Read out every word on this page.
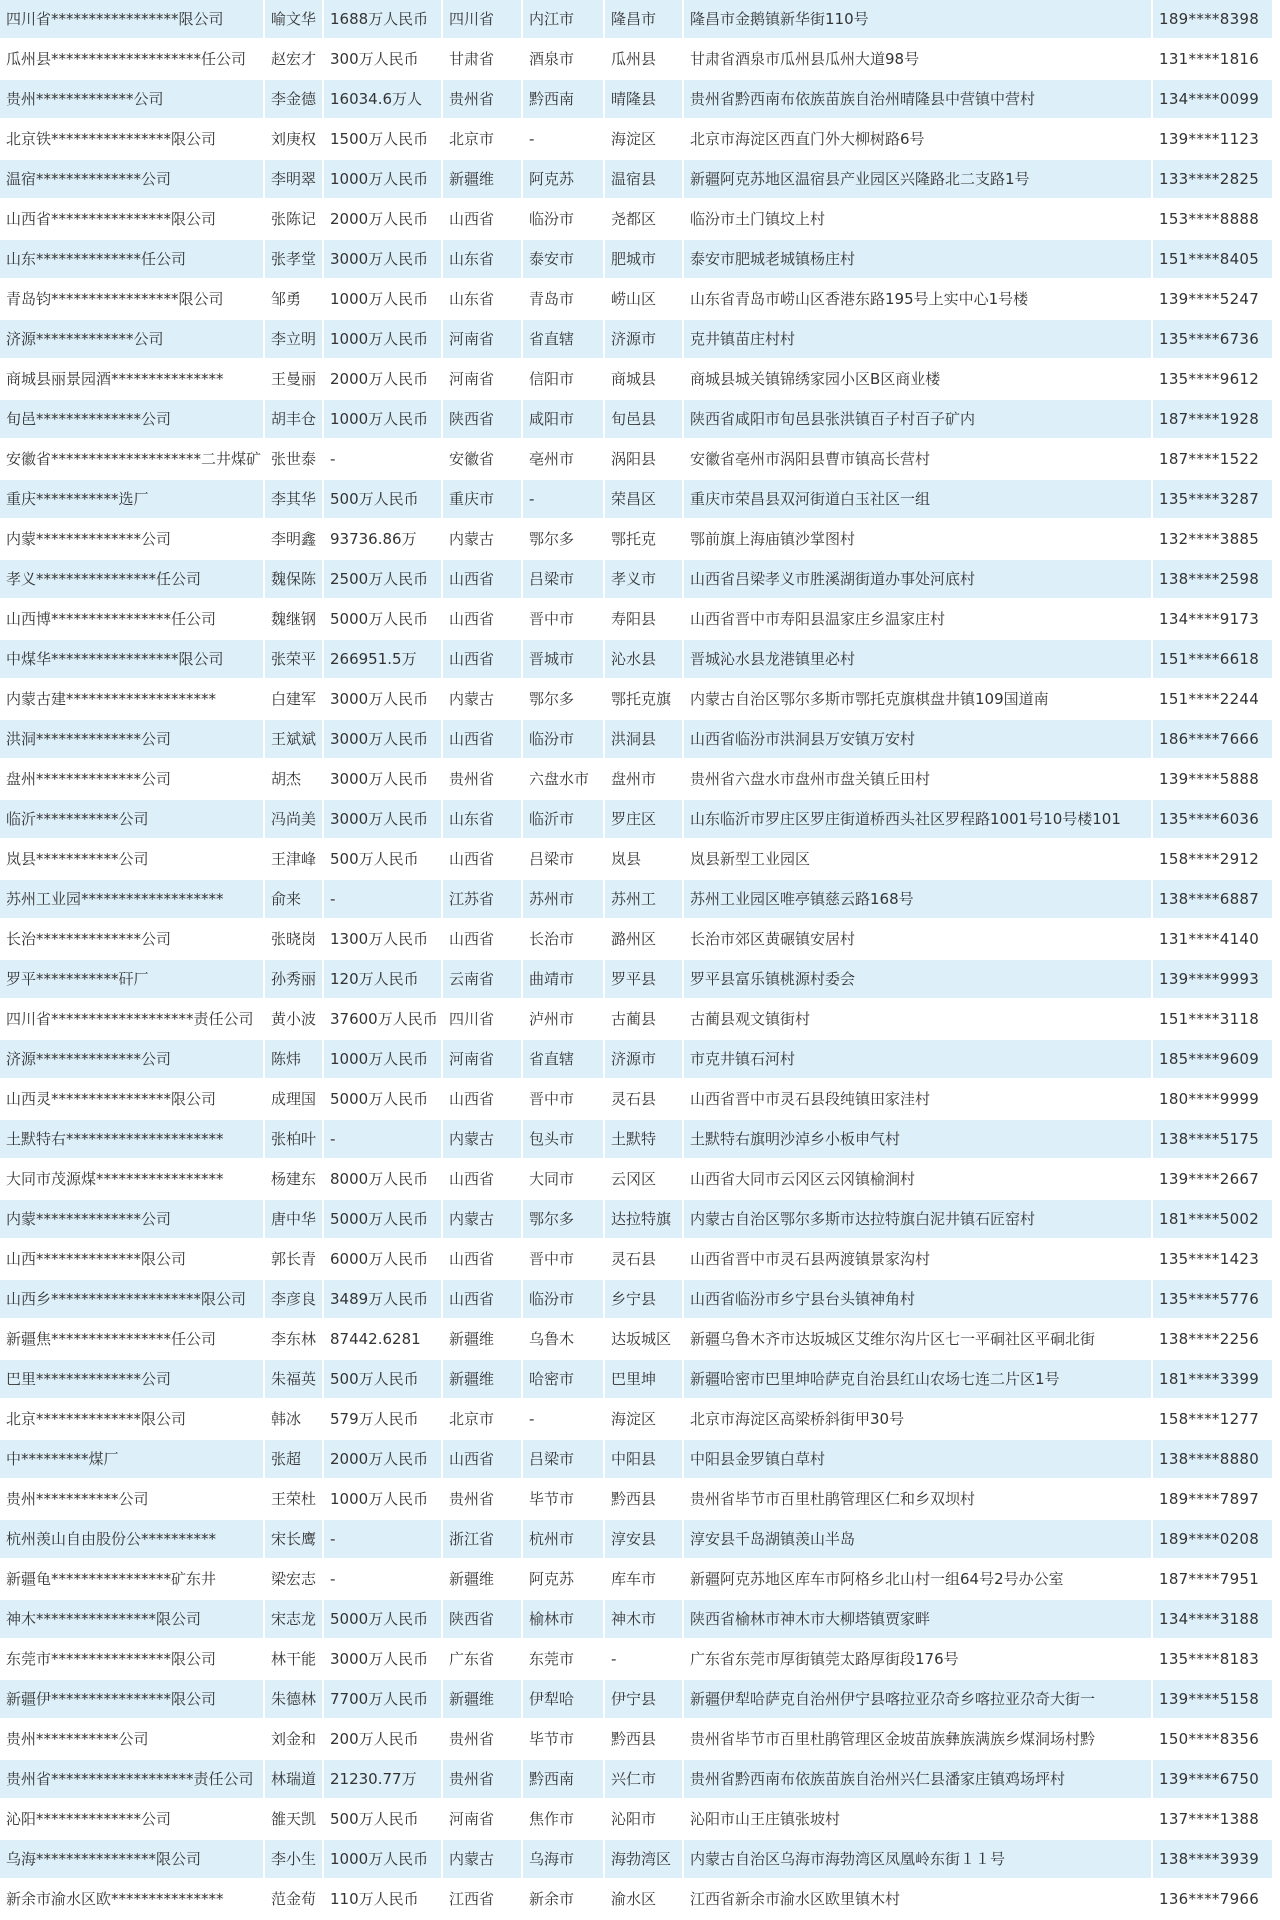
四川省*****************限公司	喻文华	1688万人民币	四川省	内江市	隆昌市	隆昌市金鹅镇新华街110号	189****8398
瓜州县********************任公司	赵宏才	300万人民币	甘肃省	酒泉市	瓜州县	甘肃省酒泉市瓜州县瓜州大道98号	131****1816
贵州*************公司	李金德	16034.6万人	贵州省	黔西南	晴隆县	贵州省黔西南布依族苗族自治州晴隆县中营镇中营村	134****0099
北京铁****************限公司	刘庚权	1500万人民币	北京市	-	海淀区	北京市海淀区西直门外大柳树路6号	139****1123
温宿**************公司	李明翠	1000万人民币	新疆维	阿克苏	温宿县	新疆阿克苏地区温宿县产业园区兴隆路北二支路1号	133****2825
山西省****************限公司	张陈记	2000万人民币	山西省	临汾市	尧都区	临汾市土门镇坟上村	153****8888
山东**************任公司	张孝堂	3000万人民币	山东省	泰安市	肥城市	泰安市肥城老城镇杨庄村	151****8405
青岛钧*****************限公司	邹勇	1000万人民币	山东省	青岛市	崂山区	山东省青岛市崂山区香港东路195号上实中心1号楼	139****5247
济源*************公司	李立明	1000万人民币	河南省	省直辖	济源市	克井镇苗庄村村	135****6736
商城县丽景园酒***************	王曼丽	2000万人民币	河南省	信阳市	商城县	商城县城关镇锦绣家园小区B区商业楼	135****9612
旬邑**************公司	胡丰仓	1000万人民币	陕西省	咸阳市	旬邑县	陕西省咸阳市旬邑县张洪镇百子村百子矿内	187****1928
安徽省********************二井煤矿	张世泰	-	安徽省	亳州市	涡阳县	安徽省亳州市涡阳县曹市镇高长营村	187****1522
重庆***********选厂	李其华	500万人民币	重庆市	-	荣昌区	重庆市荣昌县双河街道白玉社区一组	135****3287
内蒙**************公司	李明鑫	93736.86万	内蒙古	鄂尔多	鄂托克	鄂前旗上海庙镇沙掌图村	132****3885
孝义****************任公司	魏保陈	2500万人民币	山西省	吕梁市	孝义市	山西省吕梁孝义市胜溪湖街道办事处河底村	138****2598
山西博****************任公司	魏继钢	5000万人民币	山西省	晋中市	寿阳县	山西省晋中市寿阳县温家庄乡温家庄村	134****9173
中煤华*****************限公司	张荣平	266951.5万	山西省	晋城市	沁水县	晋城沁水县龙港镇里必村	151****6618
内蒙古建********************	白建军	3000万人民币	内蒙古	鄂尔多	鄂托克旗	内蒙古自治区鄂尔多斯市鄂托克旗棋盘井镇109国道南	151****2244
洪洞**************公司	王斌斌	3000万人民币	山西省	临汾市	洪洞县	山西省临汾市洪洞县万安镇万安村	186****7666
盘州**************公司	胡杰	3000万人民币	贵州省	六盘水市	盘州市	贵州省六盘水市盘州市盘关镇丘田村	139****5888
临沂***********公司	冯尚美	3000万人民币	山东省	临沂市	罗庄区	山东临沂市罗庄区罗庄街道桥西头社区罗程路1001号10号楼101	135****6036
岚县***********公司	王津峰	500万人民币	山西省	吕梁市	岚县	岚县新型工业园区	158****2912
苏州工业园*******************	俞来	-	江苏省	苏州市	苏州工	苏州工业园区唯亭镇慈云路168号	138****6887
长治**************公司	张晓岗	1300万人民币	山西省	长治市	潞州区	长治市郊区黄碾镇安居村	131****4140
罗平***********矸厂	孙秀丽	120万人民币	云南省	曲靖市	罗平县	罗平县富乐镇桃源村委会	139****9993
四川省*******************责任公司	黄小波	37600万人民币	四川省	泸州市	古蔺县	古蔺县观文镇街村	151****3118
济源**************公司	陈炜	1000万人民币	河南省	省直辖	济源市	市克井镇石河村	185****9609
山西灵****************限公司	成理国	5000万人民币	山西省	晋中市	灵石县	山西省晋中市灵石县段纯镇田家洼村	180****9999
土默特右*********************	张柏叶	-	内蒙古	包头市	土默特	土默特右旗明沙淖乡小板申气村	138****5175
大同市茂源煤*****************	杨建东	8000万人民币	山西省	大同市	云冈区	山西省大同市云冈区云冈镇榆涧村	139****2667
内蒙**************公司	唐中华	5000万人民币	内蒙古	鄂尔多	达拉特旗	内蒙古自治区鄂尔多斯市达拉特旗白泥井镇石匠窑村	181****5002
山西**************限公司	郭长青	6000万人民币	山西省	晋中市	灵石县	山西省晋中市灵石县两渡镇景家沟村	135****1423
山西乡********************限公司	李彦良	3489万人民币	山西省	临汾市	乡宁县	山西省临汾市乡宁县台头镇神角村	135****5776
新疆焦****************任公司	李东林	87442.6281	新疆维	乌鲁木	达坂城区	新疆乌鲁木齐市达坂城区艾维尔沟片区七一平硐社区平硐北街	138****2256
巴里**************公司	朱福英	500万人民币	新疆维	哈密市	巴里坤	新疆哈密市巴里坤哈萨克自治县红山农场七连二片区1号	181****3399
北京**************限公司	韩冰	579万人民币	北京市	-	海淀区	北京市海淀区高梁桥斜街甲30号	158****1277
中*********煤厂	张超	2000万人民币	山西省	吕梁市	中阳县	中阳县金罗镇白草村	138****8880
贵州***********公司	王荣杜	1000万人民币	贵州省	毕节市	黔西县	贵州省毕节市百里杜鹃管理区仁和乡双坝村	189****7897
杭州羡山自由股份公**********	宋长鹰	-	浙江省	杭州市	淳安县	淳安县千岛湖镇羡山半岛	189****0208
新疆龟****************矿东井	梁宏志	-	新疆维	阿克苏	库车市	新疆阿克苏地区库车市阿格乡北山村一组64号2号办公室	187****7951
神木****************限公司	宋志龙	5000万人民币	陕西省	榆林市	神木市	陕西省榆林市神木市大柳塔镇贾家畔	134****3188
东莞市****************限公司	林干能	3000万人民币	广东省	东莞市	-	广东省东莞市厚街镇莞太路厚街段176号	135****8183
新疆伊****************限公司	朱德林	7700万人民币	新疆维	伊犁哈	伊宁县	新疆伊犁哈萨克自治州伊宁县喀拉亚尕奇乡喀拉亚尕奇大街一	139****5158
贵州***********公司	刘金和	200万人民币	贵州省	毕节市	黔西县	贵州省毕节市百里杜鹃管理区金坡苗族彝族满族乡煤洞场村黔	150****8356
贵州省*******************责任公司	林瑞道	21230.77万	贵州省	黔西南	兴仁市	贵州省黔西南布依族苗族自治州兴仁县潘家庄镇鸡场坪村	139****6750
沁阳**************公司	雒天凯	500万人民币	河南省	焦作市	沁阳市	沁阳市山王庄镇张坡村	137****1388
乌海****************限公司	李小生	1000万人民币	内蒙古	乌海市	海勃湾区	内蒙古自治区乌海市海勃湾区凤凰岭东街１１号	138****3939
新余市渝水区欧***************	范金荀	110万人民币	江西省	新余市	渝水区	江西省新余市渝水区欧里镇木村	136****7966
